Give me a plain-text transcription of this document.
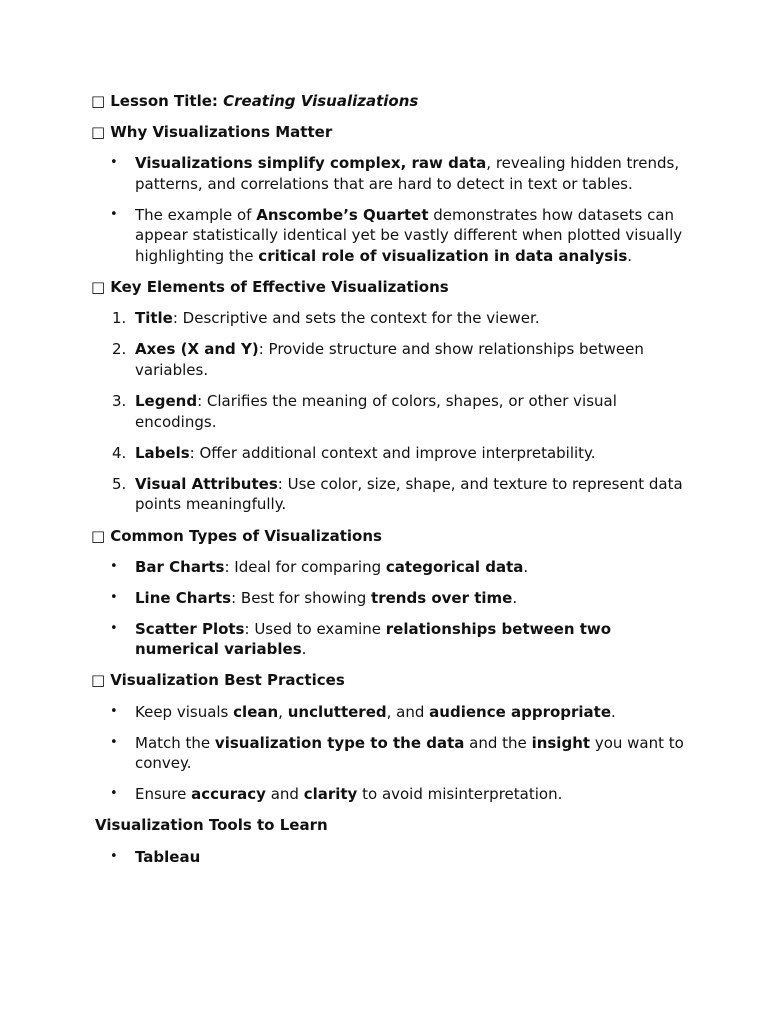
□ Lesson Title: Creating Visualizations
□ Why Visualizations Matter
• Visualizations simplify complex, raw data, revealing hidden trends, patterns, and correlations that are hard to detect in text or tables.
• The example of Anscombe’s Quartet demonstrates how datasets can appear statistically identical yet be vastly different when plotted visually highlighting the critical role of visualization in data analysis.
□ Key Elements of Effective Visualizations
1. Title: Descriptive and sets the context for the viewer.
2. Axes (X and Y): Provide structure and show relationships between variables.
3. Legend: Clarifies the meaning of colors, shapes, or other visual encodings.
4. Labels: Offer additional context and improve interpretability.
5. Visual Attributes: Use color, size, shape, and texture to represent data points meaningfully.
□ Common Types of Visualizations
• Bar Charts: Ideal for comparing categorical data.
• Line Charts: Best for showing trends over time.
• Scatter Plots: Used to examine relationships between two numerical variables.
□ Visualization Best Practices
• Keep visuals clean, uncluttered, and audience appropriate.
• Match the visualization type to the data and the insight you want to convey.
• Ensure accuracy and clarity to avoid misinterpretation.
Visualization Tools to Learn
• Tableau
